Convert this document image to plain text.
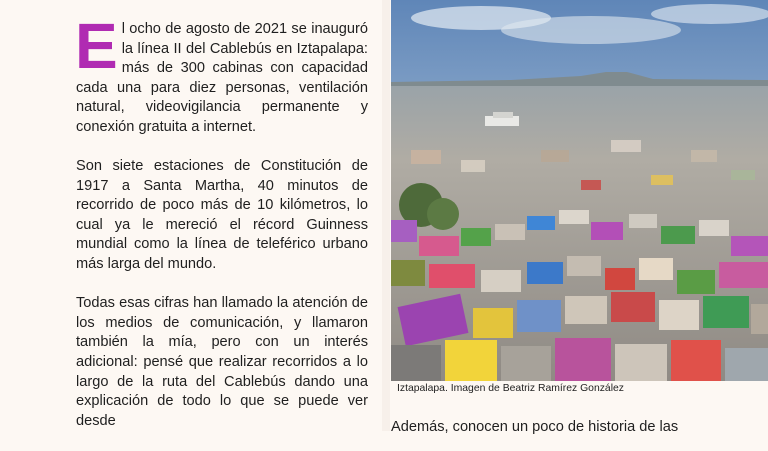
El ocho de agosto de 2021 se inauguró la línea II del Cablebús en Iztapalapa: más de 300 cabinas con capacidad cada una para diez personas, ventilación natural, videovigilancia permanente y conexión gratuita a internet.

Son siete estaciones de Constitución de 1917 a Santa Martha, 40 minutos de recorrido de poco más de 10 kilómetros, lo cual ya le mereció el récord Guinness mundial como la línea de teleférico urbano más larga del mundo.

Todas esas cifras han llamado la atención de los medios de comunicación, y llamaron también la mía, pero con un interés adicional: pensé que realizar recorridos a lo largo de la ruta del Cablebús dando una explicación de todo lo que se puede ver desde

Iztapalapa. Imagen de Beatriz Ramírez González

Además, conocen un poco de historia de las
